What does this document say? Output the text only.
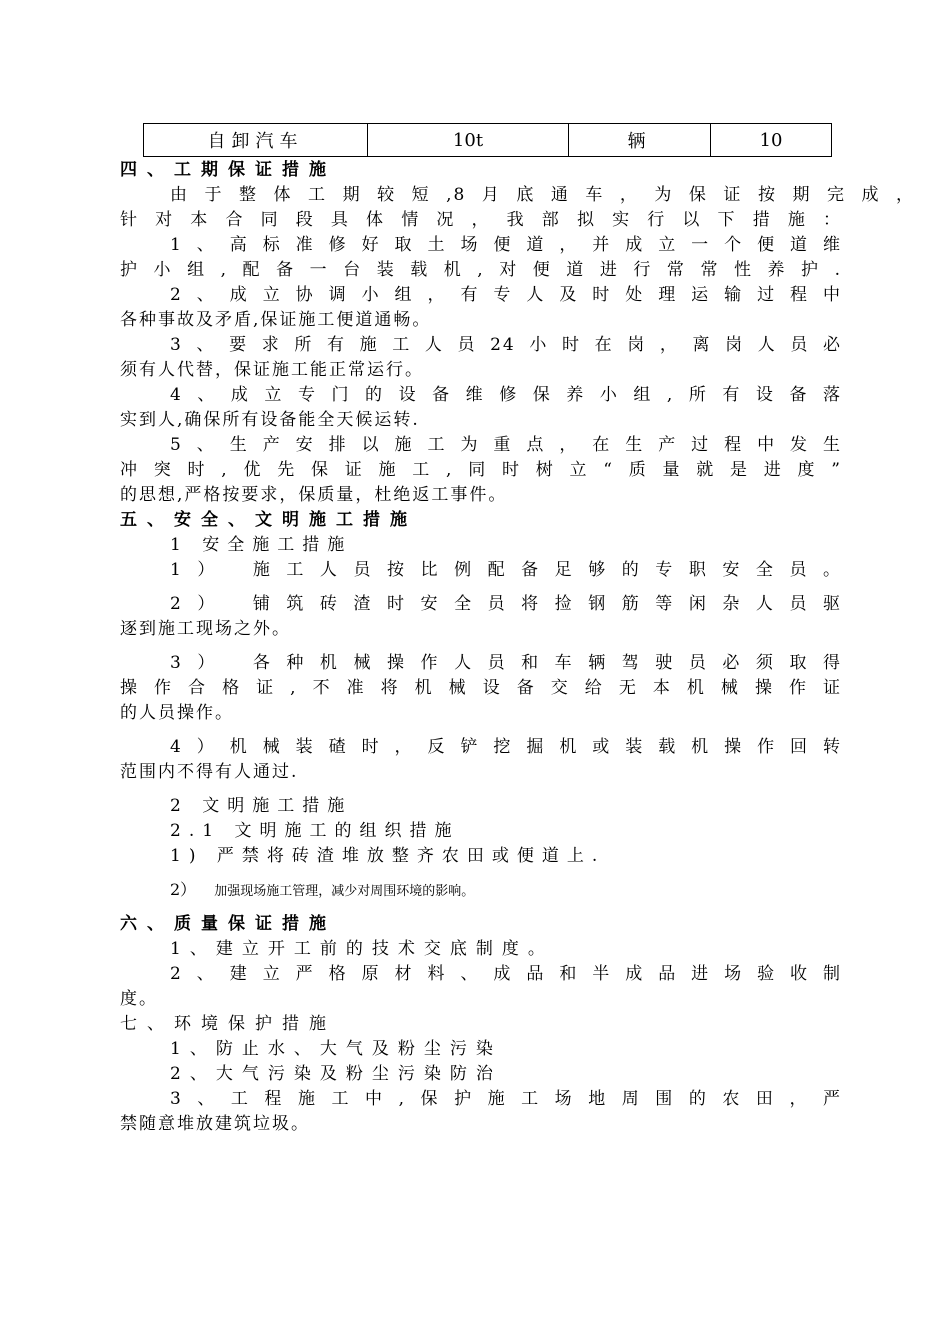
自卸汽车	10t	辆	10
四、工期保证措施
由于整体工期较短,8月底通车，为保证按期完成，
针对本合同段具体情况，我部拟实行以下措施：
1、高标准修好取土场便道，并成立一个便道维
护小组,配备一台装载机,对便道进行常常性养护.
2、成立协调小组，有专人及时处理运输过程中
各种事故及矛盾,保证施工便道通畅。
3、要求所有施工人员24小时在岗，离岗人员必
须有人代替，保证施工能正常运行。
4、成立专门的设备维修保养小组,所有设备落
实到人,确保所有设备能全天候运转.
5、生产安排以施工为重点，在生产过程中发生
冲突时,优先保证施工,同时树立“质量就是进度”
的思想,严格按要求，保质量，杜绝返工事件。
五、安全、文明施工措施
1 安全施工措施
1） 施工人员按比例配备足够的专职安全员。
2） 铺筑砖渣时安全员将捡钢筋等闲杂人员驱
逐到施工现场之外。
3） 各种机械操作人员和车辆驾驶员必须取得
操作合格证,不准将机械设备交给无本机械操作证
的人员操作。
4）机械装碴时，反铲挖掘机或装载机操作回转
范围内不得有人通过.
2 文明施工措施
2.1 文明施工的组织措施
1) 严禁将砖渣堆放整齐农田或便道上.
2） 加强现场施工管理，减少对周围环境的影响。
六、质量保证措施
1、建立开工前的技术交底制度。
2、建立严格原材料、成品和半成品进场验收制
度。
七、环境保护措施
1、防止水、大气及粉尘污染
2、大气污染及粉尘污染防治
3、工程施工中,保护施工场地周围的农田，严
禁随意堆放建筑垃圾。
